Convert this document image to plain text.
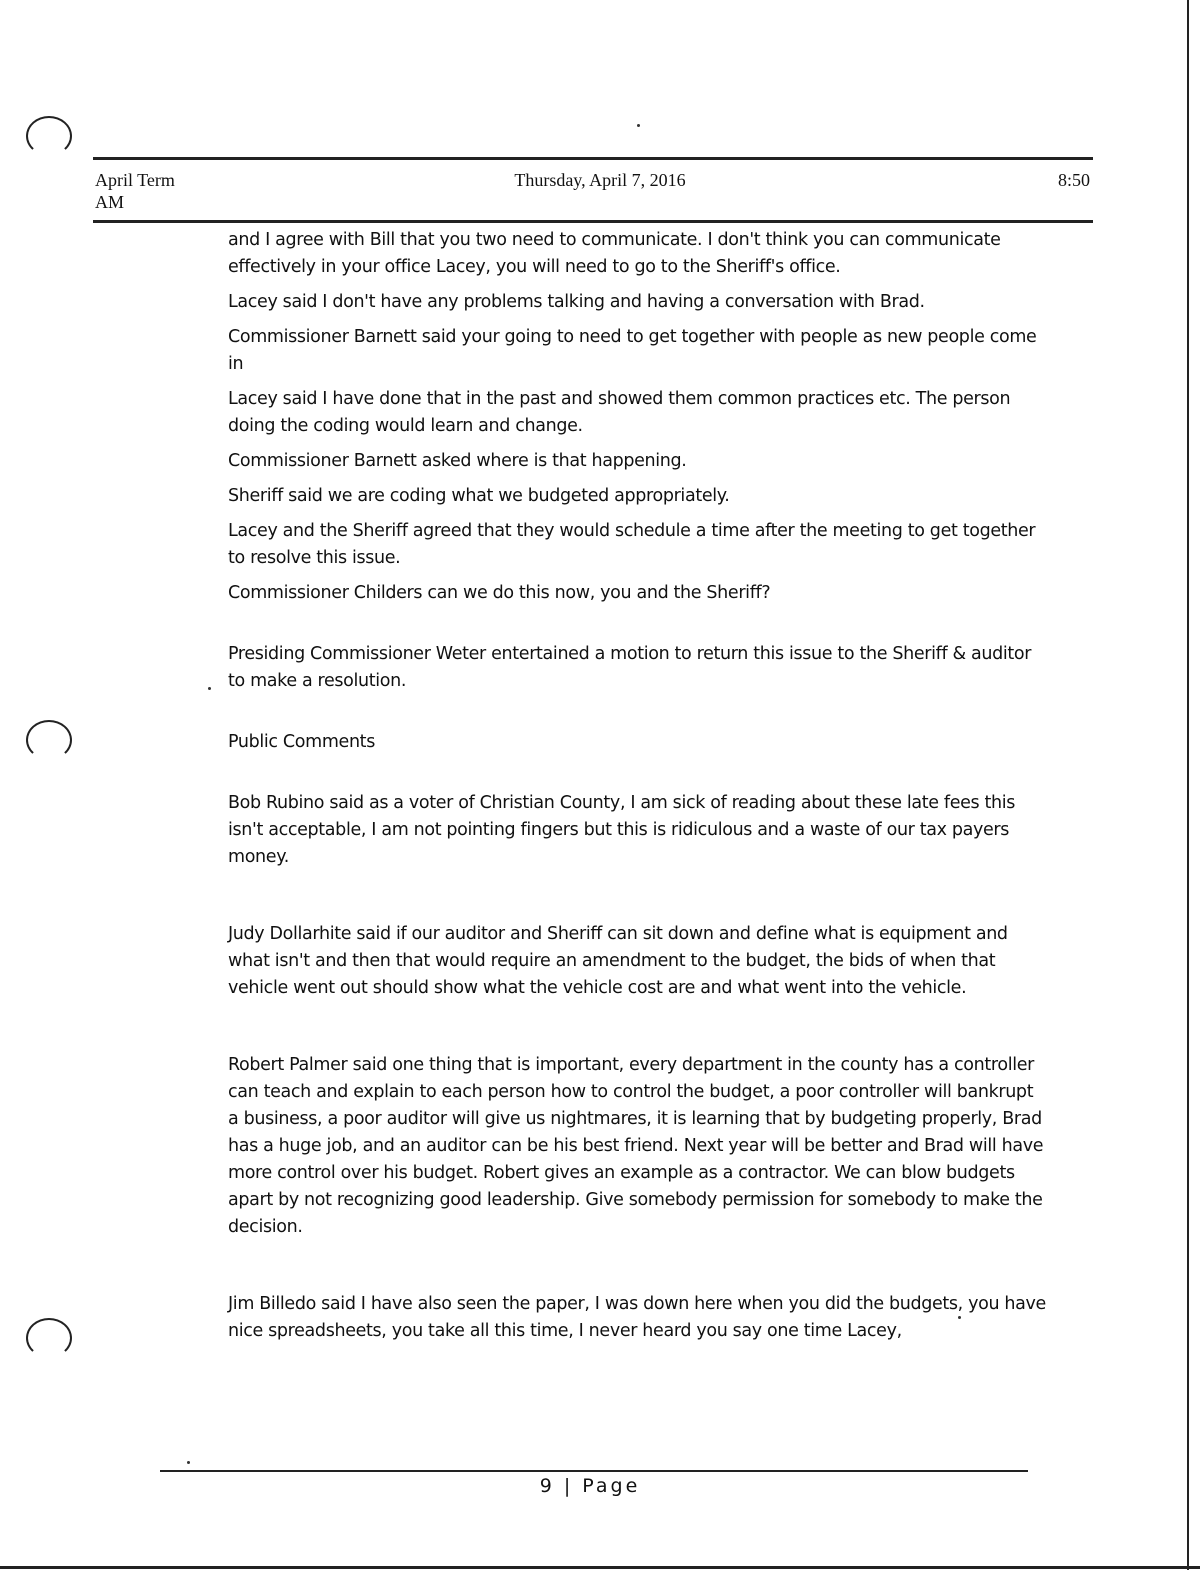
April Term
AM
Thursday, April 7, 2016	8:50

and I agree with Bill that you two need to communicate. I don't think you can communicate effectively in your office Lacey, you will need to go to the Sheriff's office.

Lacey said I don't have any problems talking and having a conversation with Brad.

Commissioner Barnett said your going to need to get together with people as new people come in

Lacey said I have done that in the past and showed them common practices etc. The person doing the coding would learn and change.

Commissioner Barnett asked where is that happening.

Sheriff said we are coding what we budgeted appropriately.

Lacey and the Sheriff agreed that they would schedule a time after the meeting to get together to resolve this issue.

Commissioner Childers can we do this now, you and the Sheriff?

Presiding Commissioner Weter entertained a motion to return this issue to the Sheriff & auditor to make a resolution.

Public Comments

Bob Rubino said as a voter of Christian County, I am sick of reading about these late fees this isn't acceptable, I am not pointing fingers but this is ridiculous and a waste of our tax payers money.

Judy Dollarhite said if our auditor and Sheriff can sit down and define what is equipment and what isn't and then that would require an amendment to the budget, the bids of when that vehicle went out should show what the vehicle cost are and what went into the vehicle.

Robert Palmer said one thing that is important, every department in the county has a controller can teach and explain to each person how to control the budget, a poor controller will bankrupt a business, a poor auditor will give us nightmares, it is learning that by budgeting properly, Brad has a huge job, and an auditor can be his best friend. Next year will be better and Brad will have more control over his budget. Robert gives an example as a contractor. We can blow budgets apart by not recognizing good leadership. Give somebody permission for somebody to make the decision.

Jim Billedo said I have also seen the paper, I was down here when you did the budgets, you have nice spreadsheets, you take all this time, I never heard you say one time Lacey,

9 | Page
